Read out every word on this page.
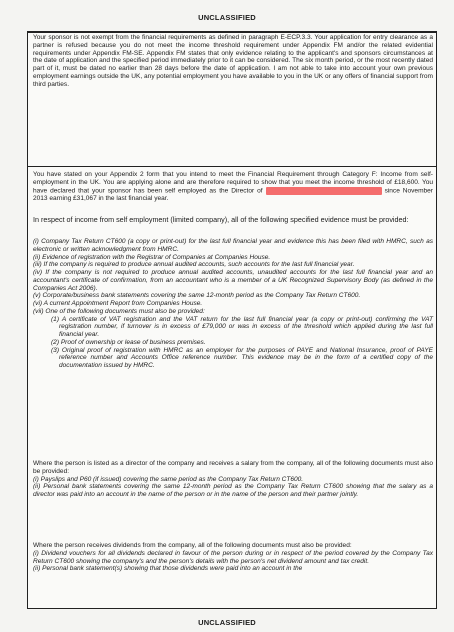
UNCLASSIFIED

Your sponsor is not exempt from the financial requirements as defined in paragraph E-ECP.3.3. Your application for entry clearance as a partner is refused because you do not meet the income threshold requirement under Appendix FM and/or the related evidential requirements under Appendix FM-SE. Appendix FM states that only evidence relating to the applicant's and sponsors circumstances at the date of application and the specified period immediately prior to it can be considered. The six month period, or the most recently dated part of it, must be dated no earlier than 28 days before the date of application. I am not able to take into account your own previous employment earnings outside the UK, any potential employment you have available to you in the UK or any offers of financial support from third parties.

You have stated on your Appendix 2 form that you intend to meet the Financial Requirement through Category F: Income from self-employment in the UK. You are applying alone and are therefore required to show that you meet the income threshold of £18,600. You have declared that your sponsor has been self employed as the Director of	since November 2013 earning £31,067 in the last financial year.

In respect of income from self employment (limited company), all of the following specified evidence must be provided:

(i) Company Tax Return CT600 (a copy or print-out) for the last full financial year and evidence this has been filed with HMRC, such as electronic or written acknowledgment from HMRC.

(ii) Evidence of registration with the Registrar of Companies at Companies House.

(iii) If the company is required to produce annual audited accounts, such accounts for the last full financial year.

(iv) If the company is not required to produce annual audited accounts, unaudited accounts for the last full financial year and an accountant's certificate of confirmation, from an accountant who is a member of a UK Recognized Supervisory Body (as defined in the Companies Act 2006).

(v) Corporate/business bank statements covering the same 12-month period as the Company Tax Return CT600.

(vi) A current Appointment Report from Companies House.

(vii) One of the following documents must also be provided:

(1) A certificate of VAT registration and the VAT return for the last full financial year (a copy or print-out) confirming the VAT registration number, if turnover is in excess of £79,000 or was in excess of the threshold which applied during the last full financial year.

(2) Proof of ownership or lease of business premises.

(3) Original proof of registration with HMRC as an employer for the purposes of PAYE and National Insurance, proof of PAYE reference number and Accounts Office reference number. This evidence may be in the form of a certified copy of the documentation issued by HMRC.

Where the person is listed as a director of the company and receives a salary from the company, all of the following documents must also be provided:

(i) Payslips and P60 (if issued) covering the same period as the Company Tax Return CT600.

(ii) Personal bank statements covering the same 12-month period as the Company Tax Return CT600 showing that the salary as a director was paid into an account in the name of the person or in the name of the person and their partner jointly.

Where the person receives dividends from the company, all of the following documents must also be provided:

(i) Dividend vouchers for all dividends declared in favour of the person during or in respect of the period covered by the Company Tax Return CT600 showing the company's and the person's details with the person's net dividend amount and tax credit.

(ii) Personal bank statement(s) showing that those dividends were paid into an account in the

UNCLASSIFIED
